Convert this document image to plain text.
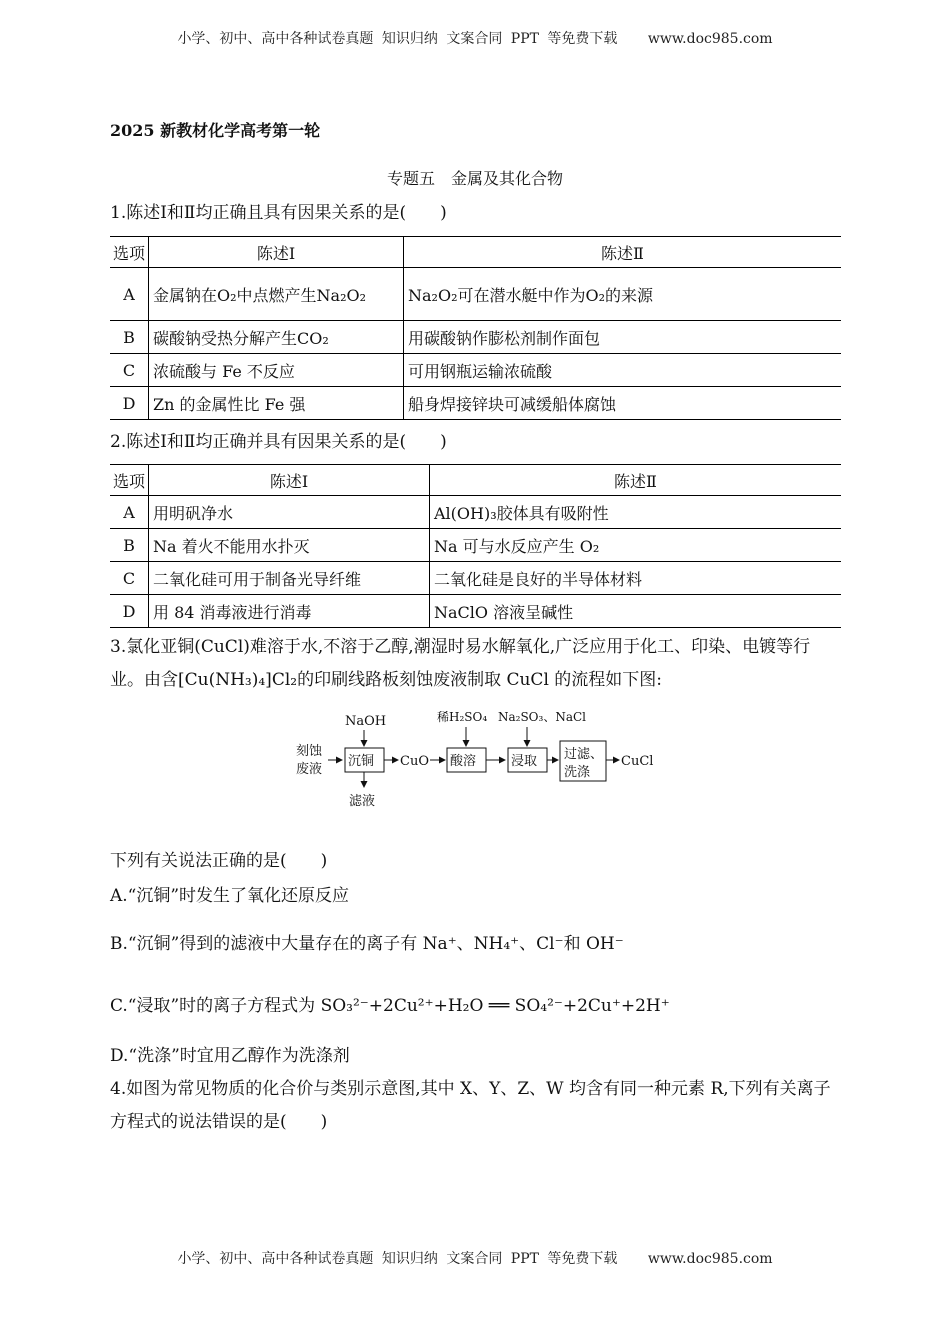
小学、初中、高中各种试卷真题 知识归纳 文案合同 PPT 等免费下载 www.doc985.com
2025 新教材化学高考第一轮
专题五　金属及其化合物
1.陈述Ⅰ和Ⅱ均正确且具有因果关系的是(　　)
选项	陈述Ⅰ	陈述Ⅱ
A	金属钠在O₂中点燃产生Na₂O₂	Na₂O₂可在潜水艇中作为O₂的来源
B	碳酸钠受热分解产生CO₂	用碳酸钠作膨松剂制作面包
C	浓硫酸与 Fe 不反应	可用钢瓶运输浓硫酸
D	Zn 的金属性比 Fe 强	船身焊接锌块可减缓船体腐蚀
2.陈述Ⅰ和Ⅱ均正确并具有因果关系的是(　　)
选项	陈述Ⅰ	陈述Ⅱ
A	用明矾净水	Al(OH)₃胶体具有吸附性
B	Na 着火不能用水扑灭	Na 可与水反应产生 O₂
C	二氧化硅可用于制备光导纤维	二氧化硅是良好的半导体材料
D	用 84 消毒液进行消毒	NaClO 溶液呈碱性
3.氯化亚铜(CuCl)难溶于水,不溶于乙醇,潮湿时易水解氧化,广泛应用于化工、印染、电镀等行业。由含[Cu(NH₃)₄]Cl₂的印刷线路板刻蚀废液制取 CuCl 的流程如下图:
刻蚀
废液
NaOH
沉铜
滤液
CuO
稀H₂SO₄
酸溶
Na₂SO₃、NaCl
浸取 过滤、
洗涤
CuCl
下列有关说法正确的是(　　)
A.“沉铜”时发生了氧化还原反应
B.“沉铜”得到的滤液中大量存在的离子有 Na⁺、NH₄⁺、Cl⁻和 OH⁻
C.“浸取”时的离子方程式为 SO₃²⁻+2Cu²⁺+H₂O ══ SO₄²⁻+2Cu⁺+2H⁺
D.“洗涤”时宜用乙醇作为洗涤剂
4.如图为常见物质的化合价与类别示意图,其中 X、Y、Z、W 均含有同一种元素 R,下列有关离子方程式的说法错误的是(　　)
小学、初中、高中各种试卷真题 知识归纳 文案合同 PPT 等免费下载 www.doc985.com
